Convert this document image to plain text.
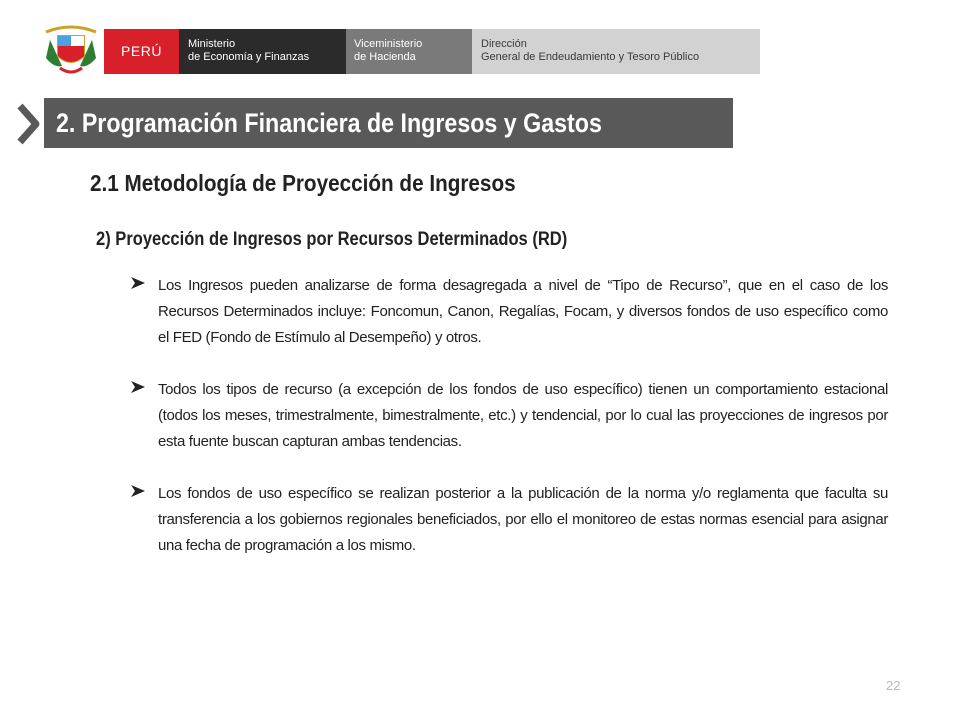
PERÚ Ministerio
de Economía y Finanzas
Viceministerio
de Hacienda
Dirección
General de Endeudamiento y Tesoro Público
2. Programación Financiera de Ingresos y Gastos
2.1 Metodología de Proyección de Ingresos
2) Proyección de Ingresos por Recursos Determinados (RD)
Los Ingresos pueden analizarse de forma desagregada a nivel de “Tipo de Recurso”, que en el caso de los Recursos Determinados incluye: Foncomun, Canon, Regalías, Focam, y diversos fondos de uso específico como el FED (Fondo de Estímulo al Desempeño) y otros.
Todos los tipos de recurso (a excepción de los fondos de uso específico) tienen un comportamiento estacional (todos los meses, trimestralmente, bimestralmente, etc.) y tendencial, por lo cual las proyecciones de ingresos por esta fuente buscan capturan ambas tendencias.
Los fondos de uso específico se realizan posterior a la publicación de la norma y/o reglamenta que faculta su transferencia a los gobiernos regionales beneficiados, por ello el monitoreo de estas normas esencial para asignar una fecha de programación a los mismo.
22
